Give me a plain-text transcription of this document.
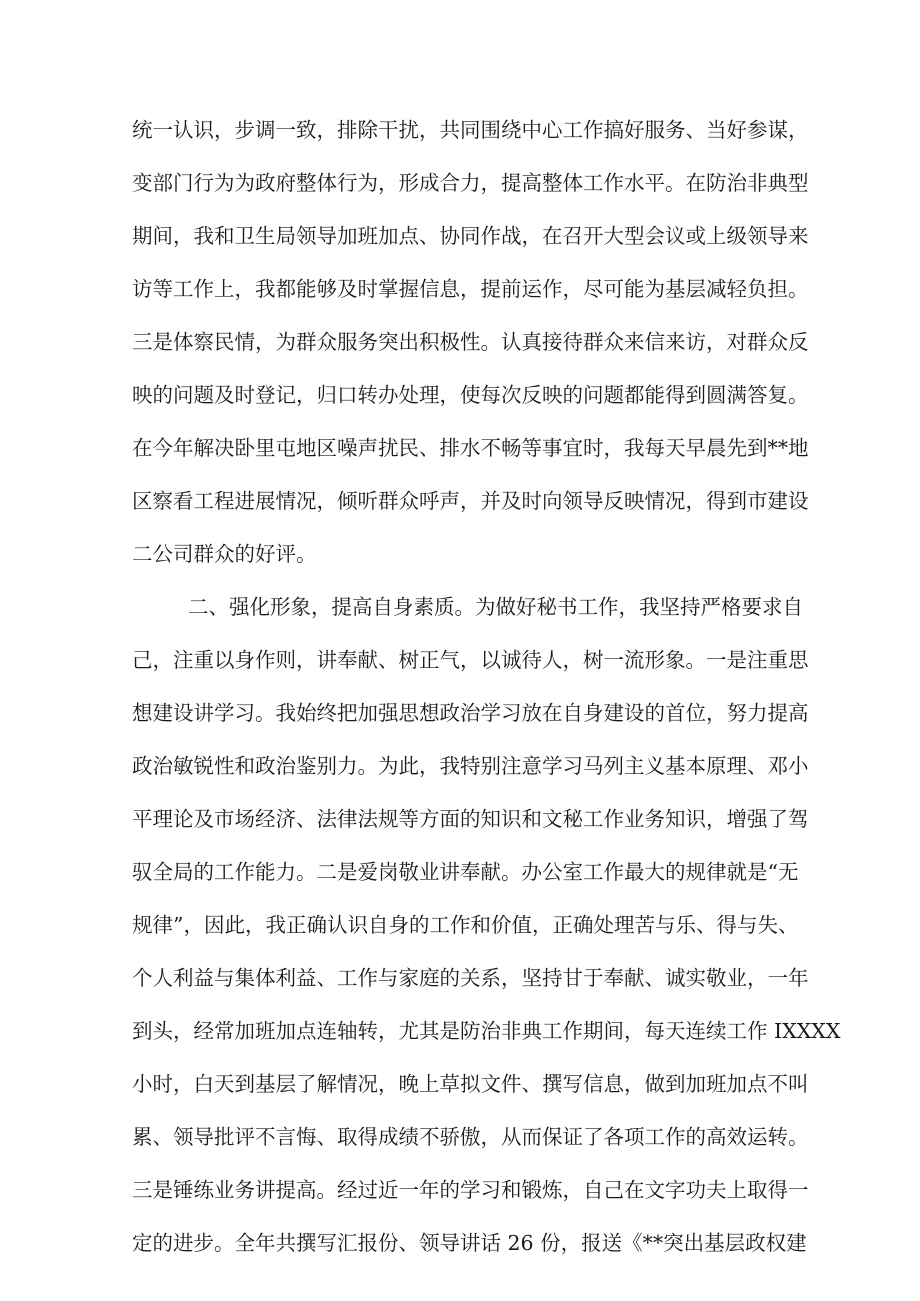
统一认识，步调一致，排除干扰，共同围绕中心工作搞好服务、当好参谋，
变部门行为为政府整体行为，形成合力，提高整体工作水平。在防治非典型
期间，我和卫生局领导加班加点、协同作战，在召开大型会议或上级领导来
访等工作上，我都能够及时掌握信息，提前运作，尽可能为基层减轻负担。
三是体察民情，为群众服务突出积极性。认真接待群众来信来访，对群众反
映的问题及时登记，归口转办处理，使每次反映的问题都能得到圆满答复。
在今年解决卧里屯地区噪声扰民、排水不畅等事宜时，我每天早晨先到**地
区察看工程进展情况，倾听群众呼声，并及时向领导反映情况，得到市建设
二公司群众的好评。
二、强化形象，提高自身素质。为做好秘书工作，我坚持严格要求自
己，注重以身作则，讲奉献、树正气，以诚待人，树一流形象。一是注重思
想建设讲学习。我始终把加强思想政治学习放在自身建设的首位，努力提高
政治敏锐性和政治鉴别力。为此，我特别注意学习马列主义基本原理、邓小
平理论及市场经济、法律法规等方面的知识和文秘工作业务知识，增强了驾
驭全局的工作能力。二是爱岗敬业讲奉献。办公室工作最大的规律就是“无
规律”，因此，我正确认识自身的工作和价值，正确处理苦与乐、得与失、
个人利益与集体利益、工作与家庭的关系，坚持甘于奉献、诚实敬业，一年
到头，经常加班加点连轴转，尤其是防治非典工作期间，每天连续工作 IXXXX
小时，白天到基层了解情况，晚上草拟文件、撰写信息，做到加班加点不叫
累、领导批评不言悔、取得成绩不骄傲，从而保证了各项工作的高效运转。
三是锤练业务讲提高。经过近一年的学习和锻炼，自己在文字功夫上取得一
定的进步。全年共撰写汇报份、领导讲话 26 份，报送《**突出基层政权建
